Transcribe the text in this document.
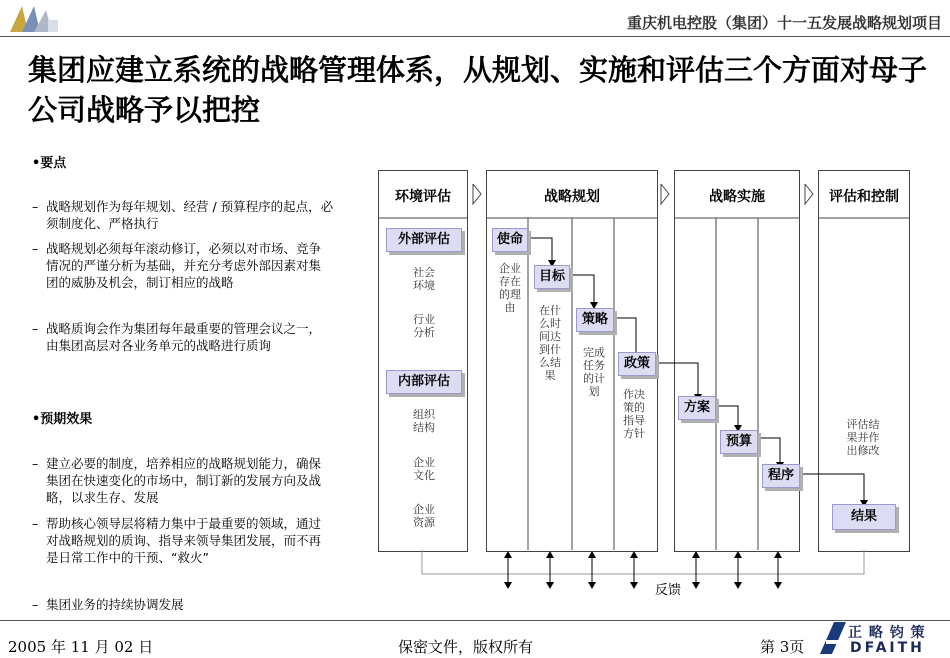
重庆机电控股（集团）十一五发展战略规划项目
集团应建立系统的战略管理体系，从规划、实施和评估三个方面对母子公司战略予以把控
•要点
– 战略规划作为每年规划、经营 / 预算程序的起点，必须制度化、严格执行
– 战略规划必须每年滚动修订，必须以对市场、竞争情况的严谨分析为基础，并充分考虑外部因素对集团的威胁及机会，制订相应的战略
– 战略质询会作为集团每年最重要的管理会议之一，由集团高层对各业务单元的战略进行质询
•预期效果
– 建立必要的制度，培养相应的战略规划能力，确保集团在快速变化的市场中，制订新的发展方向及战略，以求生存、发展
– 帮助核心领导层将精力集中于最重要的领域，通过对战略规划的质询、指导来领导集团发展，而不再是日常工作中的干预、“救火”
– 集团业务的持续协调发展
环境评估	战略规划	战略实施	评估和控制
外部评估
社会
环境
行业
分析
内部评估
组织
结构
企业
文化
企业
资源
使命
企业存在的理由
目标
在什么时间达到什么结果
策略
完成任务的计划
政策
作决策的指导方针
方案
预算
程序
评估结
果并作
出修改
结果
反馈
2005 年 11 月 02 日	保密文件，版权所有	第 3页
正 略 钧 策
DFAITH
